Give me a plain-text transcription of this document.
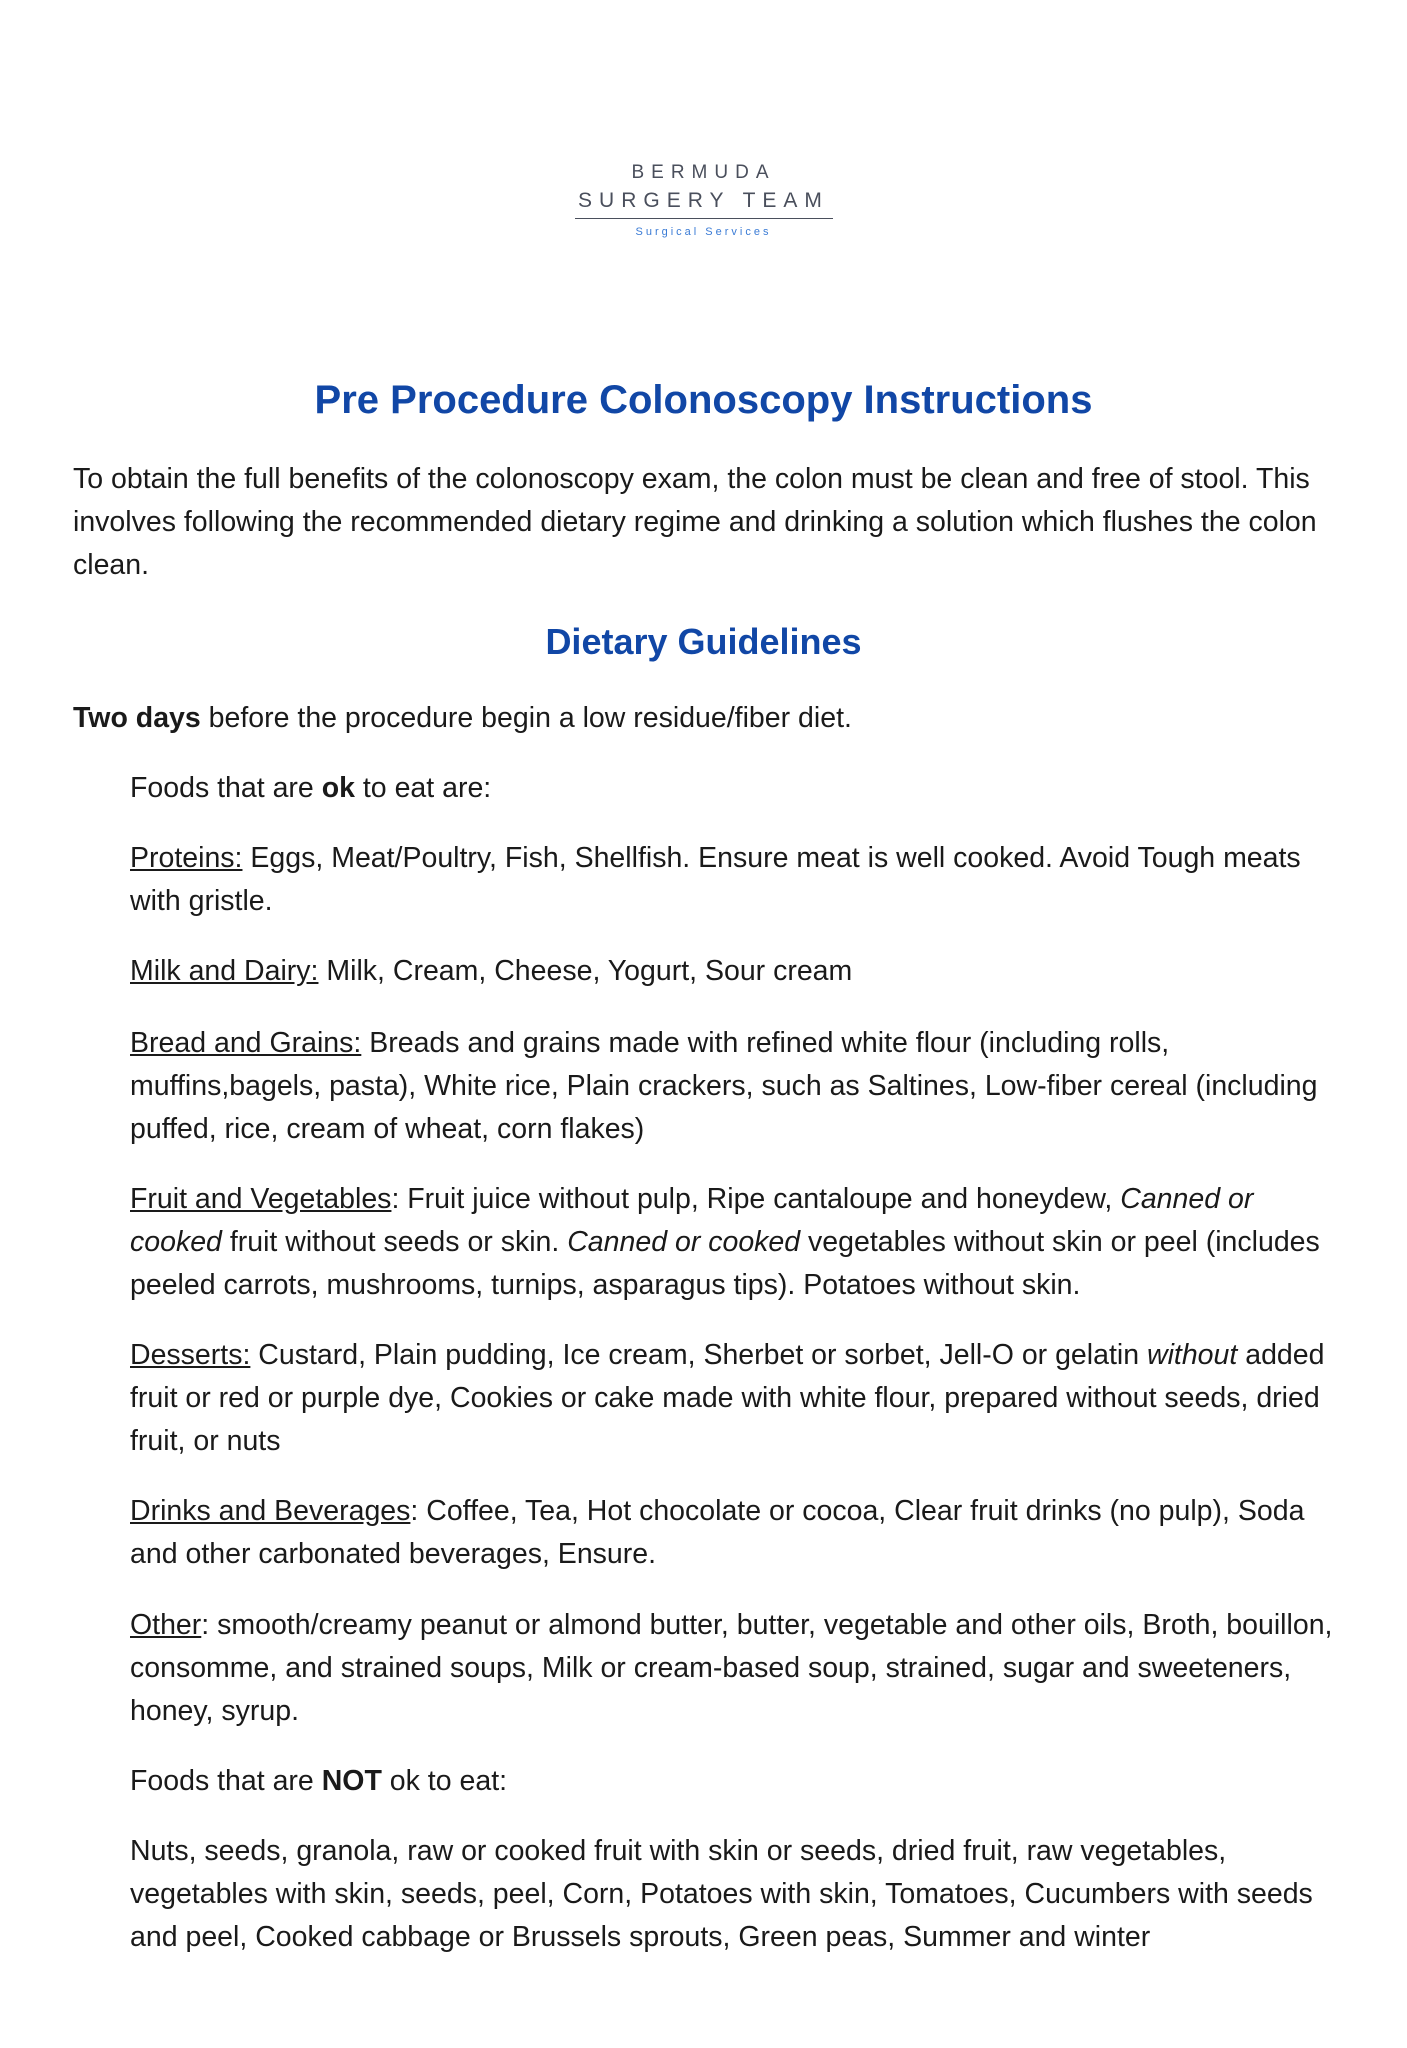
BERMUDA
SURGERY TEAM
Surgical Services
Pre Procedure Colonoscopy Instructions

To obtain the full benefits of the colonoscopy exam, the colon must be clean and free of stool. This involves following the recommended dietary regime and drinking a solution which flushes the colon clean.

Dietary Guidelines

Two days before the procedure begin a low residue/fiber diet.

Foods that are ok to eat are:

Proteins: Eggs, Meat/Poultry, Fish, Shellfish. Ensure meat is well cooked. Avoid Tough meats with gristle.

Milk and Dairy: Milk, Cream, Cheese, Yogurt, Sour cream

Bread and Grains: Breads and grains made with refined white flour (including rolls, muffins,bagels, pasta), White rice, Plain crackers, such as Saltines, Low-fiber cereal (including puffed, rice, cream of wheat, corn flakes)

Fruit and Vegetables: Fruit juice without pulp, Ripe cantaloupe and honeydew, Canned or cooked fruit without seeds or skin. Canned or cooked vegetables without skin or peel (includes peeled carrots, mushrooms, turnips, asparagus tips). Potatoes without skin.

Desserts: Custard, Plain pudding, Ice cream, Sherbet or sorbet, Jell-O or gelatin without added fruit or red or purple dye, Cookies or cake made with white flour, prepared without seeds, dried fruit, or nuts

Drinks and Beverages: Coffee, Tea, Hot chocolate or cocoa, Clear fruit drinks (no pulp), Soda and other carbonated beverages, Ensure.

Other: smooth/creamy peanut or almond butter, butter, vegetable and other oils, Broth, bouillon, consomme, and strained soups, Milk or cream-based soup, strained, sugar and sweeteners, honey, syrup.

Foods that are NOT ok to eat:

Nuts, seeds, granola, raw or cooked fruit with skin or seeds, dried fruit, raw vegetables, vegetables with skin, seeds, peel, Corn, Potatoes with skin, Tomatoes, Cucumbers with seeds and peel, Cooked cabbage or Brussels sprouts, Green peas, Summer and winter
